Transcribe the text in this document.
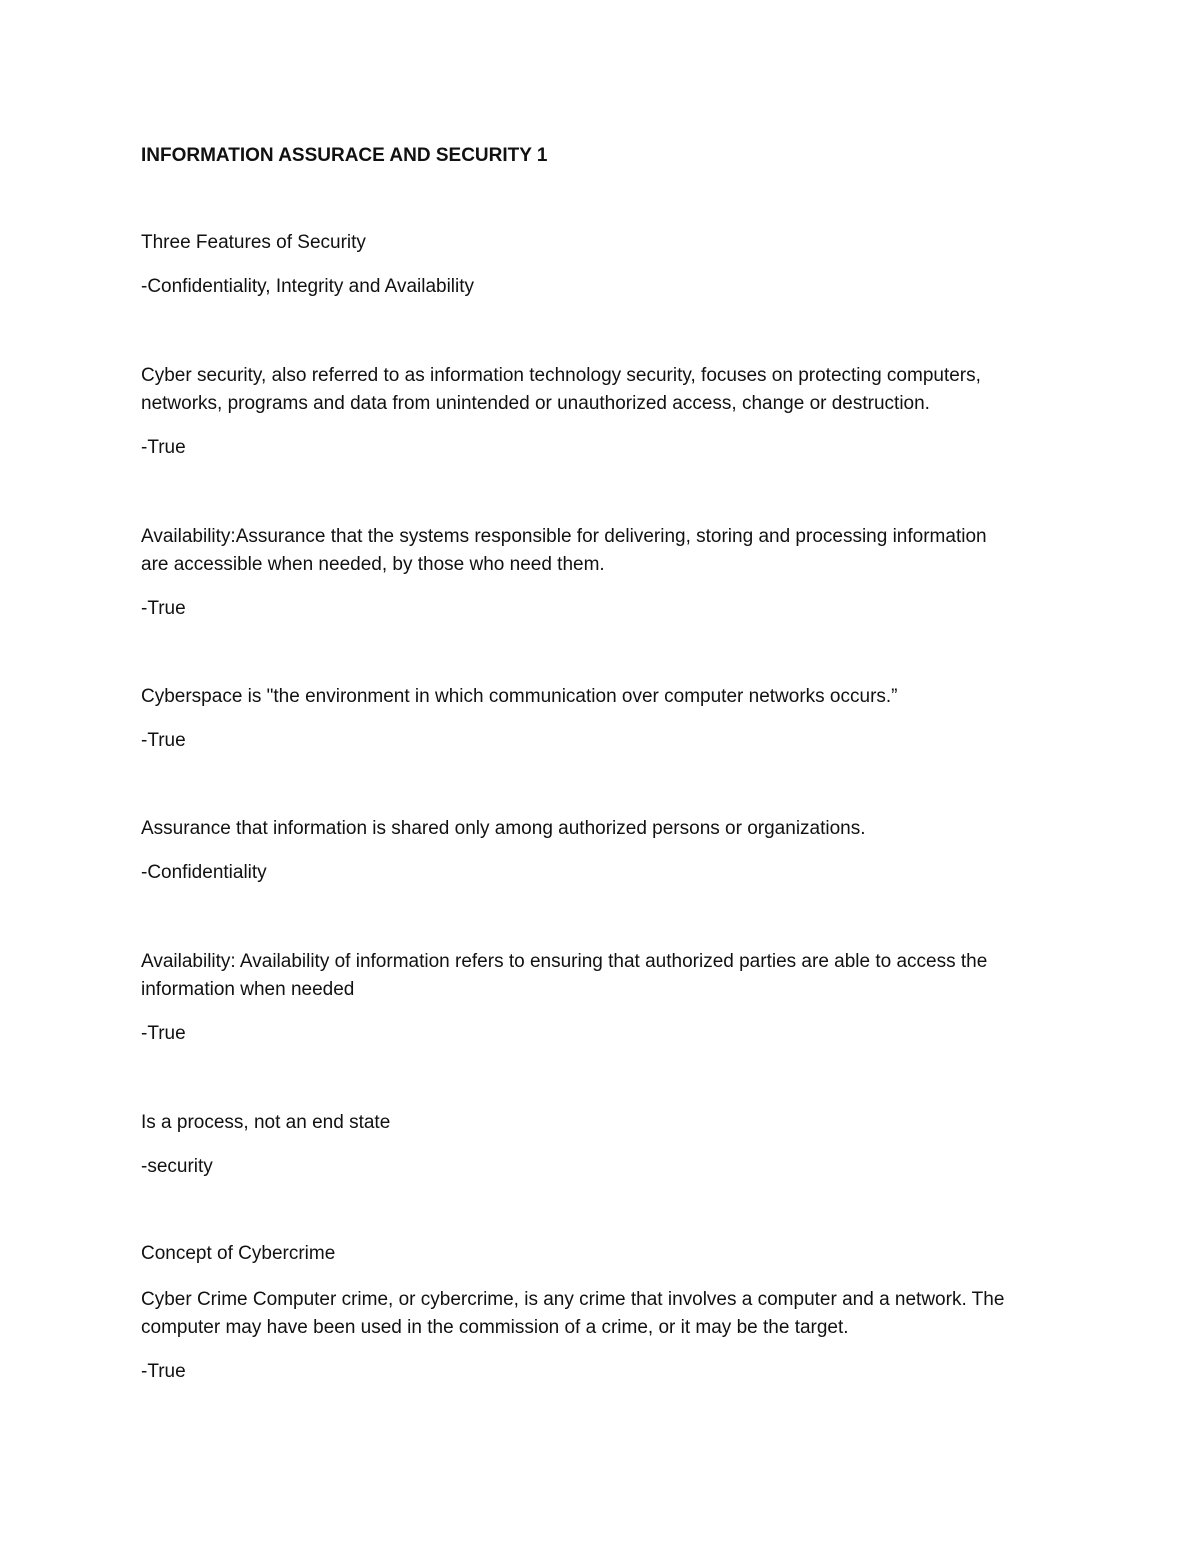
INFORMATION ASSURACE AND SECURITY 1

Three Features of Security

-Confidentiality, Integrity and Availability

Cyber security, also referred to as information technology security, focuses on protecting computers,

networks, programs and data from unintended or unauthorized access, change or destruction.

-True

Availability:Assurance that the systems responsible for delivering, storing and processing information

are accessible when needed, by those who need them.

-True

Cyberspace is "the environment in which communication over computer networks occurs.”

-True

Assurance that information is shared only among authorized persons or organizations.

-Confidentiality

Availability: Availability of information refers to ensuring that authorized parties are able to access the

information when needed

-True

Is a process, not an end state

-security

Concept of Cybercrime

Cyber Crime Computer crime, or cybercrime, is any crime that involves a computer and a network. The

computer may have been used in the commission of a crime, or it may be the target.

-True
